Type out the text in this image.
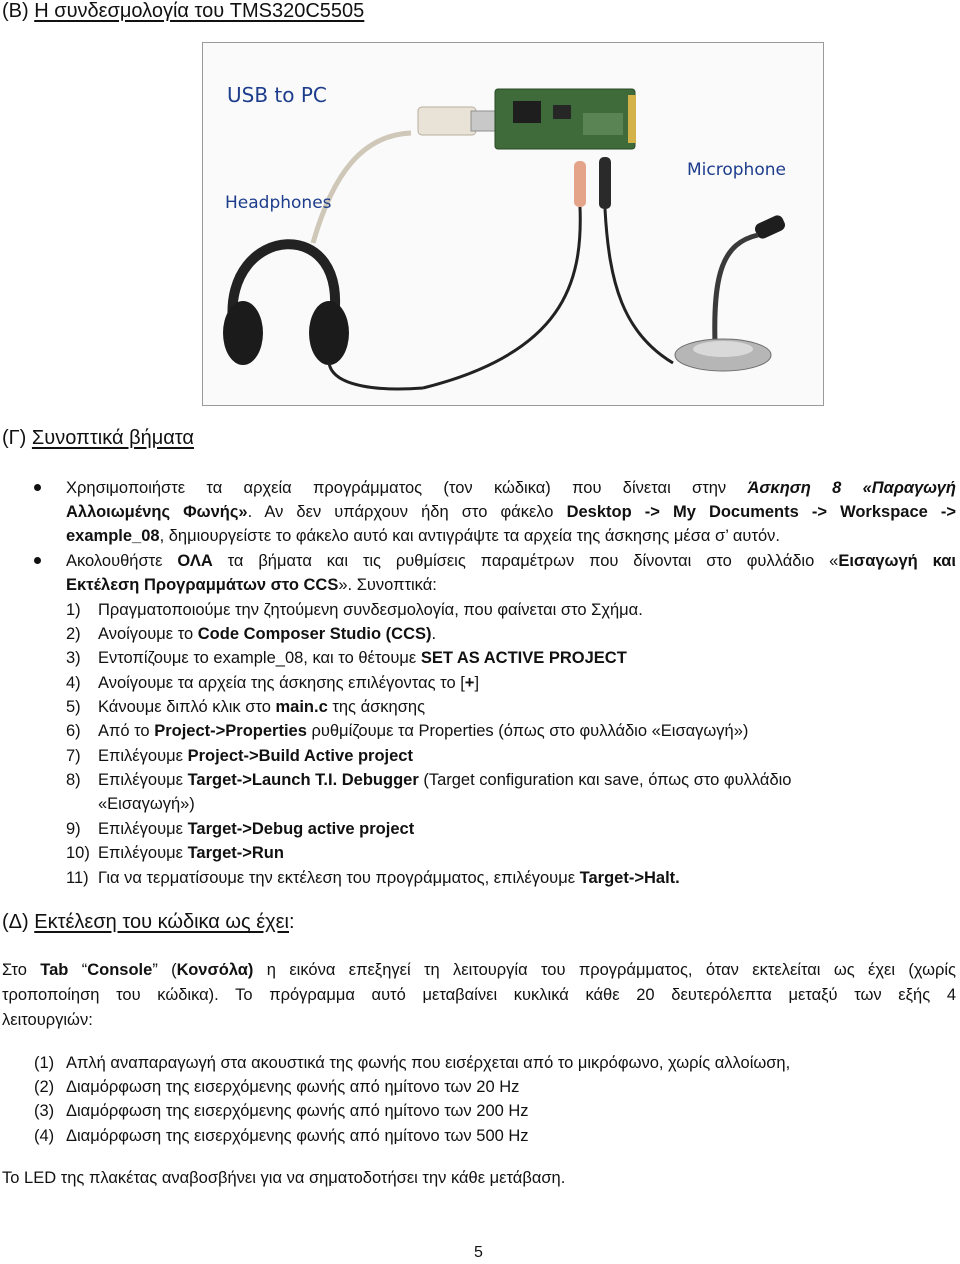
(Β) Η συνδεσμολογία του TMS320C5505
USB to PC
Headphones
Microphone
(Γ) Συνοπτικά βήματα

Χρησιμοποιήστε τα αρχεία προγράμματος (τον κώδικα) που δίνεται στην Άσκηση 8 «Παραγωγή

Αλλοιωμένης Φωνής». Αν δεν υπάρχουν ήδη στο φάκελο Desktop -> My Documents -> Workspace ->

example_08, δημιουργείστε το φάκελο αυτό και αντιγράψτε τα αρχεία της άσκησης μέσα σ’ αυτόν.

Ακολουθήστε ΟΛΑ τα βήματα και τις ρυθμίσεις παραμέτρων που δίνονται στο φυλλάδιο «Εισαγωγή και

Εκτέλεση Προγραμμάτων στο CCS». Συνοπτικά:

1) Πραγματοποιούμε την ζητούμενη συνδεσμολογία, που φαίνεται στο Σχήμα.
2) Ανοίγουμε το Code Composer Studio (CCS).
3) Εντοπίζουμε το example_08, και το θέτουμε SET AS ACTIVE PROJECT
4) Ανοίγουμε τα αρχεία της άσκησης επιλέγοντας το [+]
5) Κάνουμε διπλό κλικ στο main.c της άσκησης
6) Από το Project->Properties ρυθμίζουμε τα Properties (όπως στο φυλλάδιο «Εισαγωγή»)
7) Επιλέγουμε Project->Build Active project
8) Επιλέγουμε Target->Launch T.I. Debugger (Target configuration και save, όπως στο φυλλάδιο
«Εισαγωγή»)
9) Επιλέγουμε Target->Debug active project
10) Επιλέγουμε Target->Run
11) Για να τερματίσουμε την εκτέλεση του προγράμματος, επιλέγουμε Target->Halt.
(Δ) Εκτέλεση του κώδικα ως έχει:

Στο Tab “Console” (Κονσόλα) η εικόνα επεξηγεί τη λειτουργία του προγράμματος, όταν εκτελείται ως έχει (χωρίς

τροποποίηση του κώδικα). Το πρόγραμμα αυτό μεταβαίνει κυκλικά κάθε 20 δευτερόλεπτα μεταξύ των εξής 4

λειτουργιών:

(1) Απλή αναπαραγωγή στα ακουστικά της φωνής που εισέρχεται από το μικρόφωνο, χωρίς αλλοίωση,
(2) Διαμόρφωση της εισερχόμενης φωνής από ημίτονο των 20 Hz
(3) Διαμόρφωση της εισερχόμενης φωνής από ημίτονο των 200 Hz
(4) Διαμόρφωση της εισερχόμενης φωνής από ημίτονο των 500 Hz

Το LED της πλακέτας αναβοσβήνει για να σηματοδοτήσει την κάθε μετάβαση.

5
